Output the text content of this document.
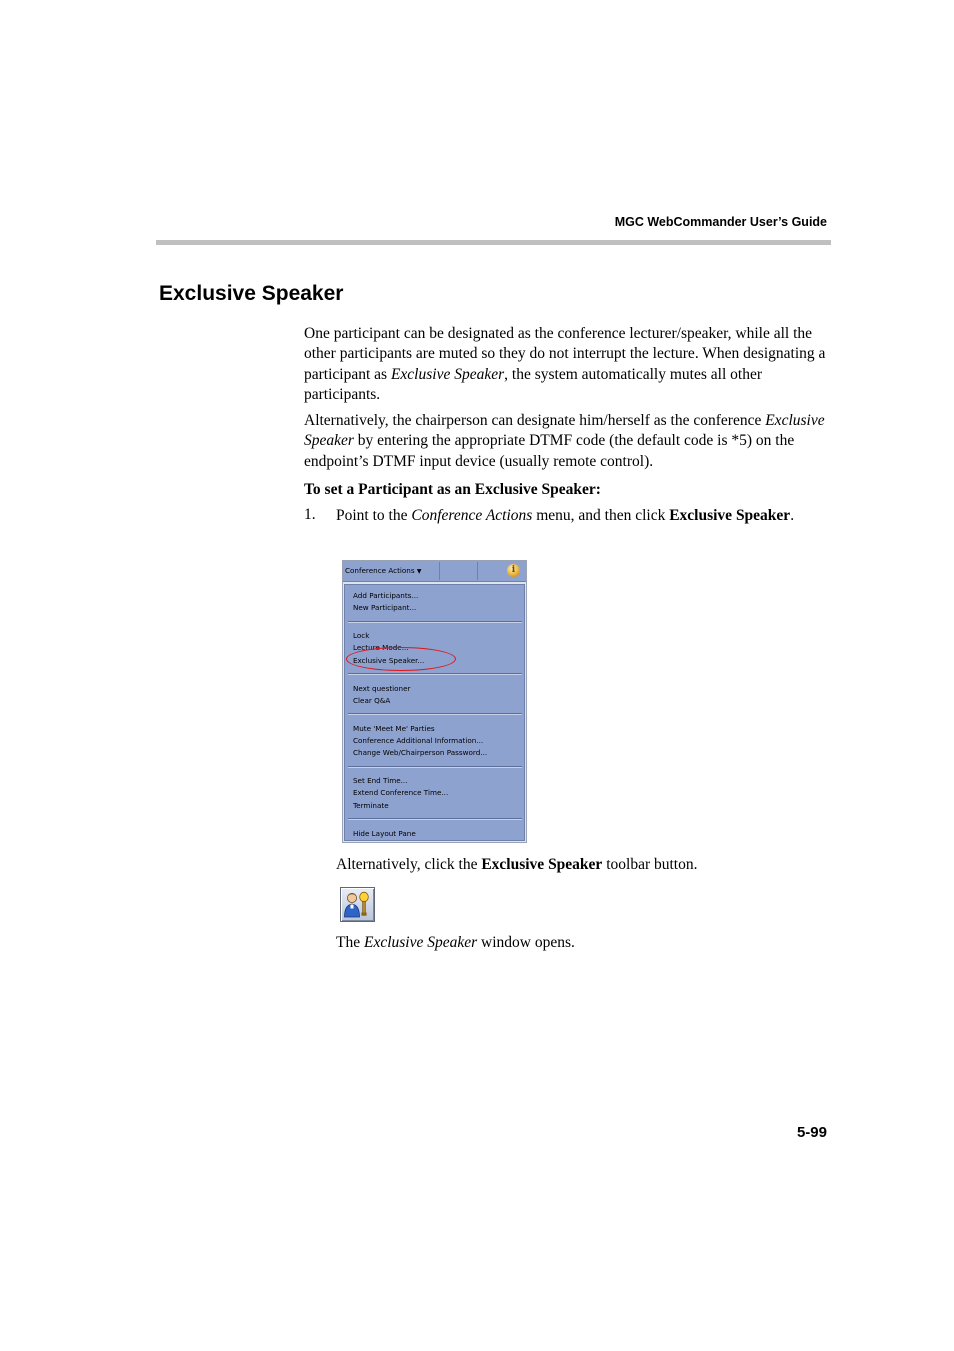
MGC WebCommander User’s Guide
Exclusive Speaker

One participant can be designated as the conference lecturer/speaker, while all the other participants are muted so they do not interrupt the lecture. When designating a participant as Exclusive Speaker, the system automatically mutes all other participants.

Alternatively, the chairperson can designate him/herself as the conference Exclusive Speaker by entering the appropriate DTMF code (the default code is *5) on the endpoint’s DTMF input device (usually remote control).

To set a Participant as an Exclusive Speaker:
1. Point to the Conference Actions menu, and then click Exclusive Speaker.

Conference Actions ▼	i
Add Participants...
New Participant...
Lock
Lecture Mode...
Exclusive Speaker...
Next questioner
Clear Q&A
Mute 'Meet Me' Parties
Conference Additional Information...
Change Web/Chairperson Password...
Set End Time...
Extend Conference Time...
Terminate
Hide Layout Pane
Alternatively, click the Exclusive Speaker toolbar button.
The Exclusive Speaker window opens.
5-99
